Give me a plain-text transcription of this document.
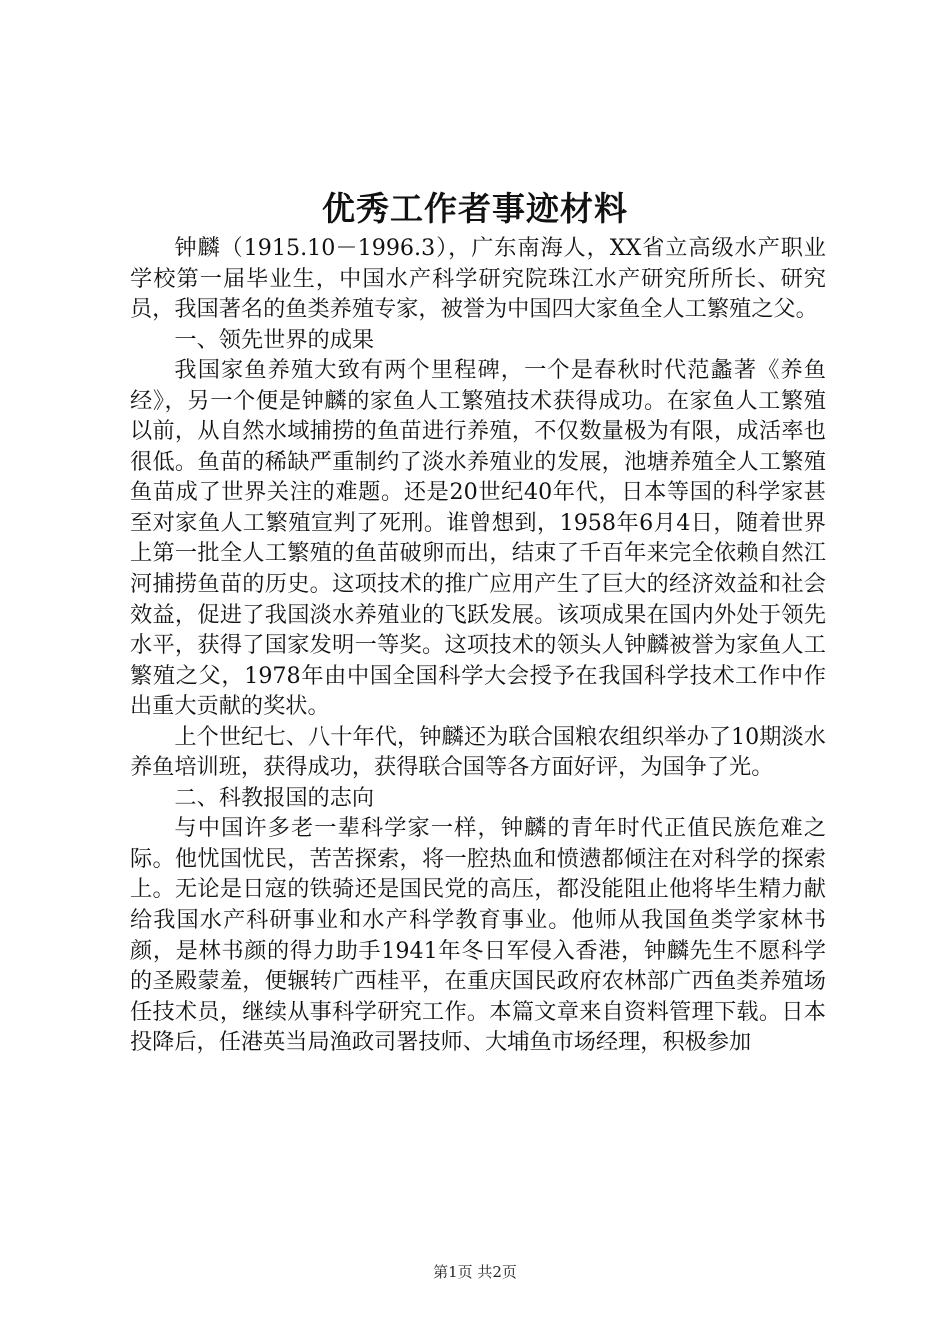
优秀工作者事迹材料

钟麟（1915.10－1996.3），广东南海人，XX省立高级水产职业学校第一届毕业生，中国水产科学研究院珠江水产研究所所长、研究员，我国著名的鱼类养殖专家，被誉为中国四大家鱼全人工繁殖之父。

一、领先世界的成果

我国家鱼养殖大致有两个里程碑，一个是春秋时代范蠡著《养鱼经》，另一个便是钟麟的家鱼人工繁殖技术获得成功。在家鱼人工繁殖以前，从自然水域捕捞的鱼苗进行养殖，不仅数量极为有限，成活率也很低。鱼苗的稀缺严重制约了淡水养殖业的发展，池塘养殖全人工繁殖鱼苗成了世界关注的难题。还是20世纪40年代，日本等国的科学家甚至对家鱼人工繁殖宣判了死刑。谁曾想到，1958年6月4日，随着世界上第一批全人工繁殖的鱼苗破卵而出，结束了千百年来完全依赖自然江河捕捞鱼苗的历史。这项技术的推广应用产生了巨大的经济效益和社会效益，促进了我国淡水养殖业的飞跃发展。该项成果在国内外处于领先水平，获得了国家发明一等奖。这项技术的领头人钟麟被誉为家鱼人工繁殖之父，1978年由中国全国科学大会授予在我国科学技术工作中作出重大贡献的奖状。

上个世纪七、八十年代，钟麟还为联合国粮农组织举办了10期淡水养鱼培训班，获得成功，获得联合国等各方面好评，为国争了光。

二、科教报国的志向

与中国许多老一辈科学家一样，钟麟的青年时代正值民族危难之际。他忧国忧民，苦苦探索，将一腔热血和愤懑都倾注在对科学的探索上。无论是日寇的铁骑还是国民党的高压，都没能阻止他将毕生精力献给我国水产科研事业和水产科学教育事业。他师从我国鱼类学家林书颜，是林书颜的得力助手1941年冬日军侵入香港，钟麟先生不愿科学的圣殿蒙羞，便辗转广西桂平，在重庆国民政府农林部广西鱼类养殖场任技术员，继续从事科学研究工作。本篇文章来自资料管理下载。日本投降后，任港英当局渔政司署技师、大埔鱼市场经理，积极参加

第1页 共2页
